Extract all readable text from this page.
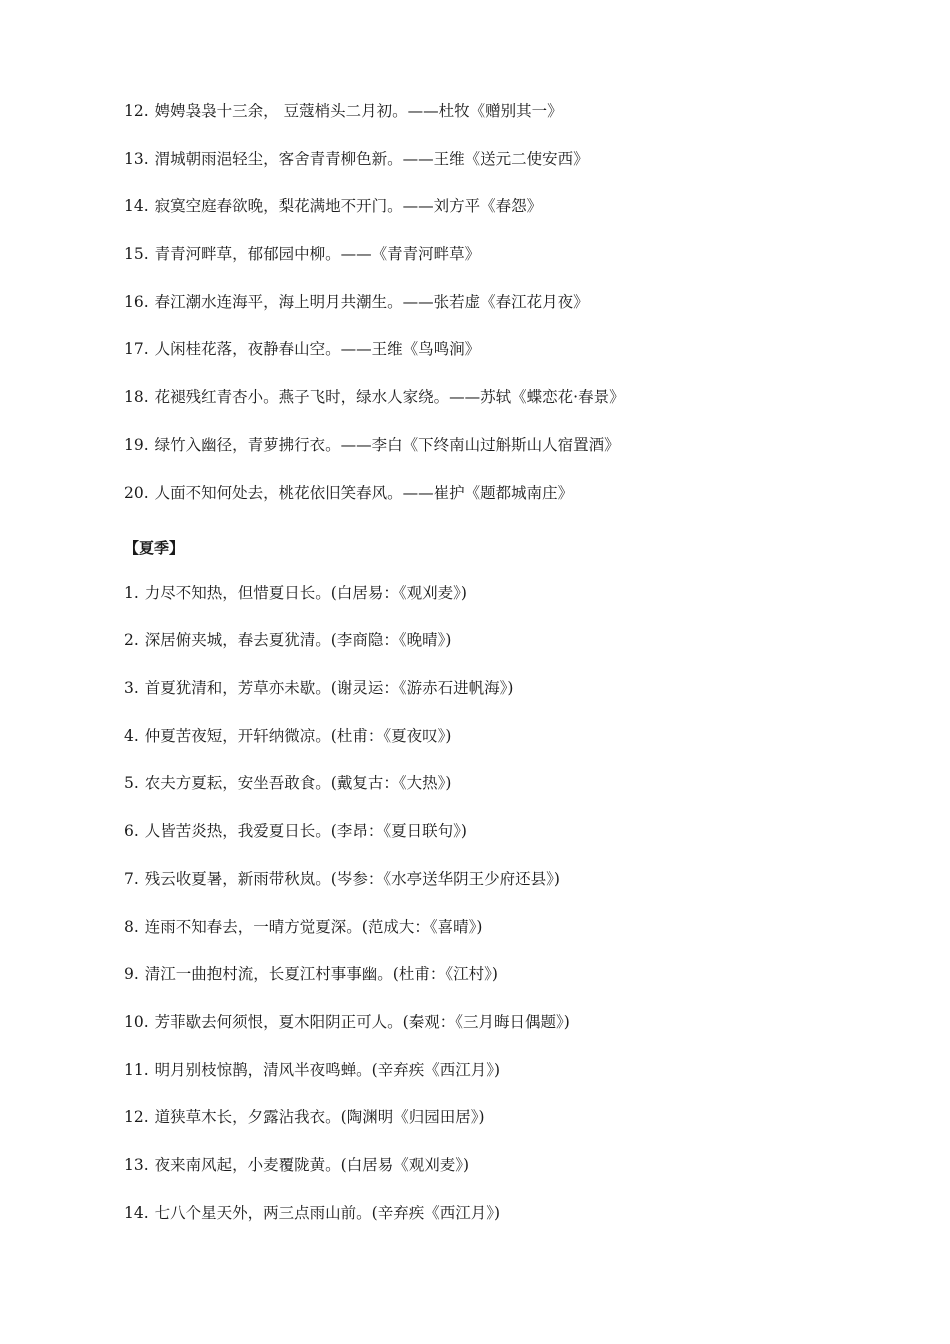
12. 娉娉袅袅十三余， 豆蔻梢头二月初。——杜牧《赠别其一》
13. 渭城朝雨浥轻尘，客舍青青柳色新。——王维《送元二使安西》
14. 寂寞空庭春欲晚，梨花满地不开门。——刘方平《春怨》
15. 青青河畔草，郁郁园中柳。——《青青河畔草》
16. 春江潮水连海平，海上明月共潮生。——张若虚《春江花月夜》
17. 人闲桂花落，夜静春山空。——王维《鸟鸣涧》
18. 花褪残红青杏小。燕子飞时，绿水人家绕。——苏轼《蝶恋花·春景》
19. 绿竹入幽径，青萝拂行衣。——李白《下终南山过斛斯山人宿置酒》
20. 人面不知何处去，桃花依旧笑春风。——崔护《题都城南庄》
【夏季】
1. 力尽不知热，但惜夏日长。(白居易：《观刈麦》)
2. 深居俯夹城，春去夏犹清。(李商隐：《晚晴》)
3. 首夏犹清和，芳草亦未歇。(谢灵运：《游赤石进帆海》)
4. 仲夏苦夜短，开轩纳微凉。(杜甫：《夏夜叹》)
5. 农夫方夏耘，安坐吾敢食。(戴复古：《大热》)
6. 人皆苦炎热，我爱夏日长。(李昂：《夏日联句》)
7. 残云收夏暑，新雨带秋岚。(岑参：《水亭送华阴王少府还县》)
8. 连雨不知春去，一晴方觉夏深。(范成大：《喜晴》)
9. 清江一曲抱村流，长夏江村事事幽。(杜甫：《江村》)
10. 芳菲歇去何须恨，夏木阳阴正可人。(秦观：《三月晦日偶题》)
11. 明月别枝惊鹊，清风半夜鸣蝉。(辛弃疾《西江月》)
12. 道狭草木长，夕露沾我衣。(陶渊明《归园田居》)
13. 夜来南风起，小麦覆陇黄。(白居易《观刈麦》)
14. 七八个星天外，两三点雨山前。(辛弃疾《西江月》)
